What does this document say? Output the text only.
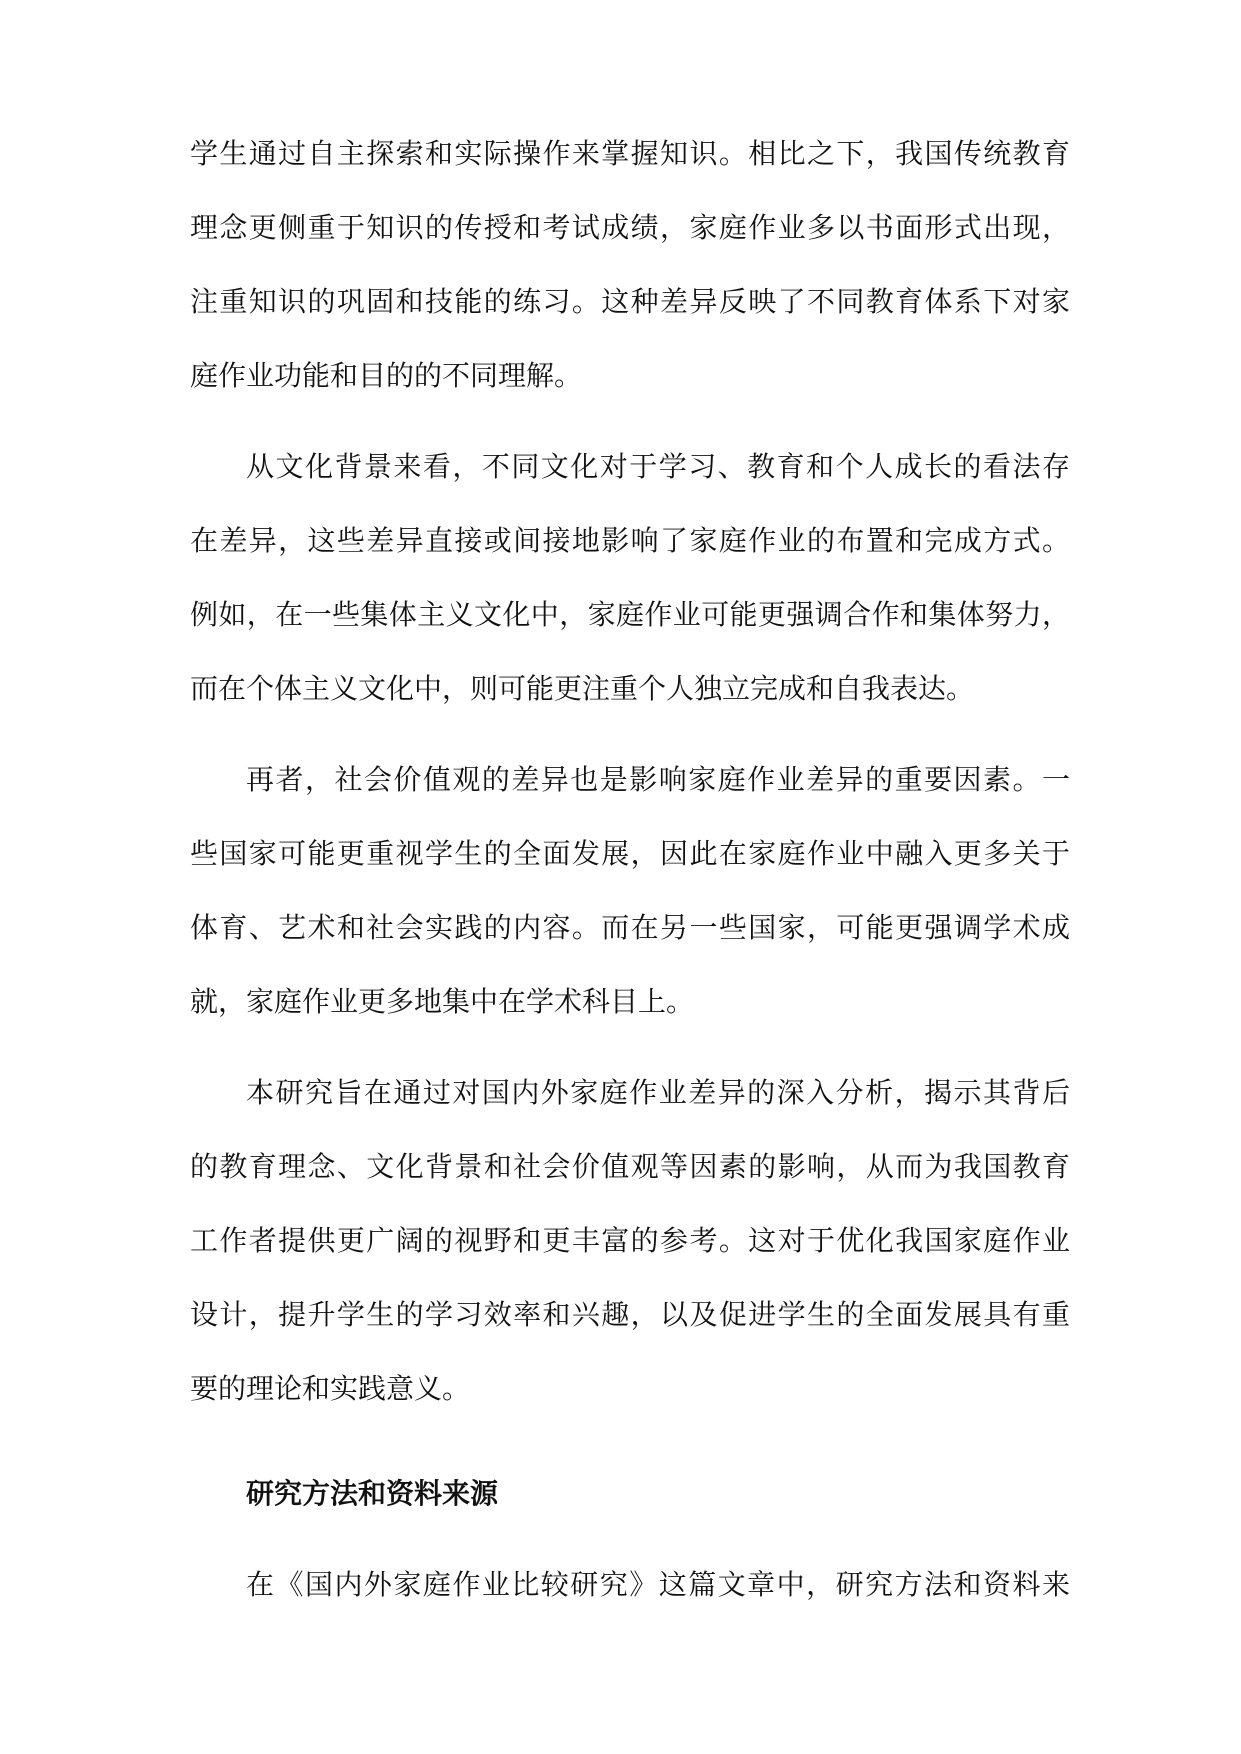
学生通过自主探索和实际操作来掌握知识。相比之下，我国传统教育
理念更侧重于知识的传授和考试成绩，家庭作业多以书面形式出现，
注重知识的巩固和技能的练习。这种差异反映了不同教育体系下对家
庭作业功能和目的的不同理解。
从文化背景来看，不同文化对于学习、教育和个人成长的看法存
在差异，这些差异直接或间接地影响了家庭作业的布置和完成方式。
例如，在一些集体主义文化中，家庭作业可能更强调合作和集体努力，
而在个体主义文化中，则可能更注重个人独立完成和自我表达。
再者，社会价值观的差异也是影响家庭作业差异的重要因素。一
些国家可能更重视学生的全面发展，因此在家庭作业中融入更多关于
体育、艺术和社会实践的内容。而在另一些国家，可能更强调学术成
就，家庭作业更多地集中在学术科目上。
本研究旨在通过对国内外家庭作业差异的深入分析，揭示其背后
的教育理念、文化背景和社会价值观等因素的影响，从而为我国教育
工作者提供更广阔的视野和更丰富的参考。这对于优化我国家庭作业
设计，提升学生的学习效率和兴趣，以及促进学生的全面发展具有重
要的理论和实践意义。
研究方法和资料来源
在《国内外家庭作业比较研究》这篇文章中，研究方法和资料来
